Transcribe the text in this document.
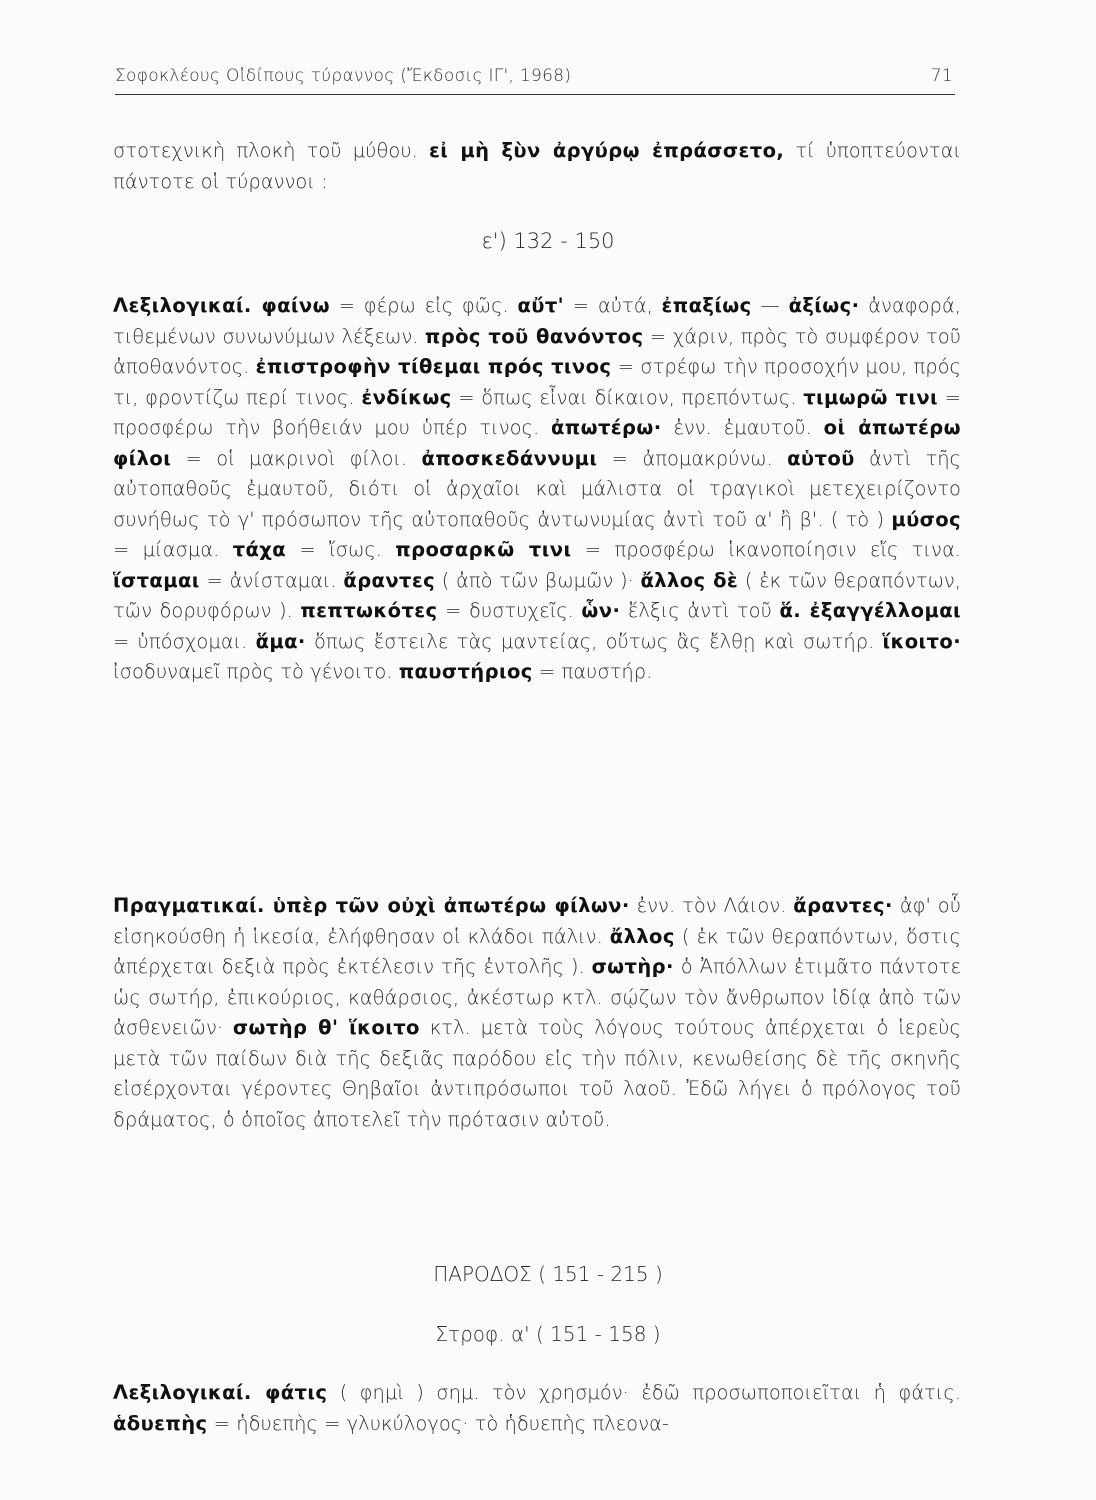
Σοφοκλέους Οἰδίπους τύραννος (Ἔκδοσις ΙΓ', 1968)	71

στοτεχνικὴ πλοκὴ τοῦ μύθου. εἰ μὴ ξὺν ἀργύρῳ ἐπράσσετο, τί ὑποπτεύονται πάντοτε οἱ τύραννοι :

ε') 132 - 150

Λεξιλογικαί. φαίνω = φέρω εἰς φῶς. αὔτ' = αὐτά, ἐπαξίως — ἀξίως· ἀναφορά, τιθεμένων συνωνύμων λέξεων. πρὸς τοῦ θανόντος = χάριν, πρὸς τὸ συμφέρον τοῦ ἀποθανόντος. ἐπιστροφὴν τίθεμαι πρός τινος = στρέφω τὴν προσοχήν μου, πρός τι, φροντίζω περί τινος. ἐνδίκως = ὅπως εἶναι δίκαιον, πρεπόντως. τιμωρῶ τινι = προσφέρω τὴν βοήθειάν μου ὑπέρ τινος. ἀπωτέρω· ἐνν. ἐμαυτοῦ. οἱ ἀπωτέρω φίλοι = οἱ μακρινοὶ φίλοι. ἀποσκεδάννυμι = ἀπομακρύνω. αὑτοῦ ἀντὶ τῆς αὐτοπαθοῦς ἐμαυτοῦ, διότι οἱ ἀρχαῖοι καὶ μάλιστα οἱ τραγικοὶ μετεχειρίζοντο συνήθως τὸ γ' πρόσωπον τῆς αὐτοπαθοῦς ἀντωνυμίας ἀντὶ τοῦ α' ἢ β'. ( τὸ ) μύσος = μίασμα. τάχα = ἴσως. προσαρκῶ τινι = προσφέρω ἱκανοποίησιν εἴς τινα. ἵσταμαι = ἀνίσταμαι. ἄραντες ( ἀπὸ τῶν βωμῶν )· ἄλλος δὲ ( ἐκ τῶν θεραπόντων, τῶν δορυφόρων ). πεπτωκότες = δυστυχεῖς. ὧν· ἕλξις ἀντὶ τοῦ ἅ. ἐξαγγέλλομαι = ὑπόσχομαι. ἅμα· ὅπως ἔστειλε τὰς μαντείας, οὕτως ἂς ἔλθῃ καὶ σωτήρ. ἵκοιτο· ἰσοδυναμεῖ πρὸς τὸ γένοιτο. παυστήριος = παυστήρ.

Πραγματικαί. ὑπὲρ τῶν οὐχὶ ἀπωτέρω φίλων· ἐνν. τὸν Λάιον. ἄραντες· ἀφ' οὗ εἰσηκούσθη ἡ ἱκεσία, ἐλήφθησαν οἱ κλάδοι πάλιν. ἄλλος ( ἐκ τῶν θεραπόντων, ὅστις ἀπέρχεται δεξιὰ πρὸς ἐκτέλεσιν τῆς ἐντολῆς ). σωτὴρ· ὁ Ἀπόλλων ἐτιμᾶτο πάντοτε ὡς σωτήρ, ἐπικούριος, καθάρσιος, ἀκέστωρ κτλ. σῴζων τὸν ἄνθρωπον ἰδίᾳ ἀπὸ τῶν ἀσθενειῶν· σωτὴρ θ' ἵκοιτο κτλ. μετὰ τοὺς λόγους τούτους ἀπέρχεται ὁ ἱερεὺς μετὰ τῶν παίδων διὰ τῆς δεξιᾶς παρόδου εἰς τὴν πόλιν, κενωθείσης δὲ τῆς σκηνῆς εἰσέρχονται γέροντες Θηβαῖοι ἀντιπρόσωποι τοῦ λαοῦ. Ἐδῶ λήγει ὁ πρόλογος τοῦ δράματος, ὁ ὁποῖος ἀποτελεῖ τὴν πρότασιν αὐτοῦ.

ΠΑΡΟΔΟΣ ( 151 - 215 )
Στροφ. α' ( 151 - 158 )

Λεξιλογικαί. φάτις ( φημὶ ) σημ. τὸν χρησμόν· ἐδῶ προσωποποιεῖται ἡ φάτις. ἁδυεπὴς = ἡδυεπὴς = γλυκύλογος· τὸ ἡδυεπὴς πλεονα-
